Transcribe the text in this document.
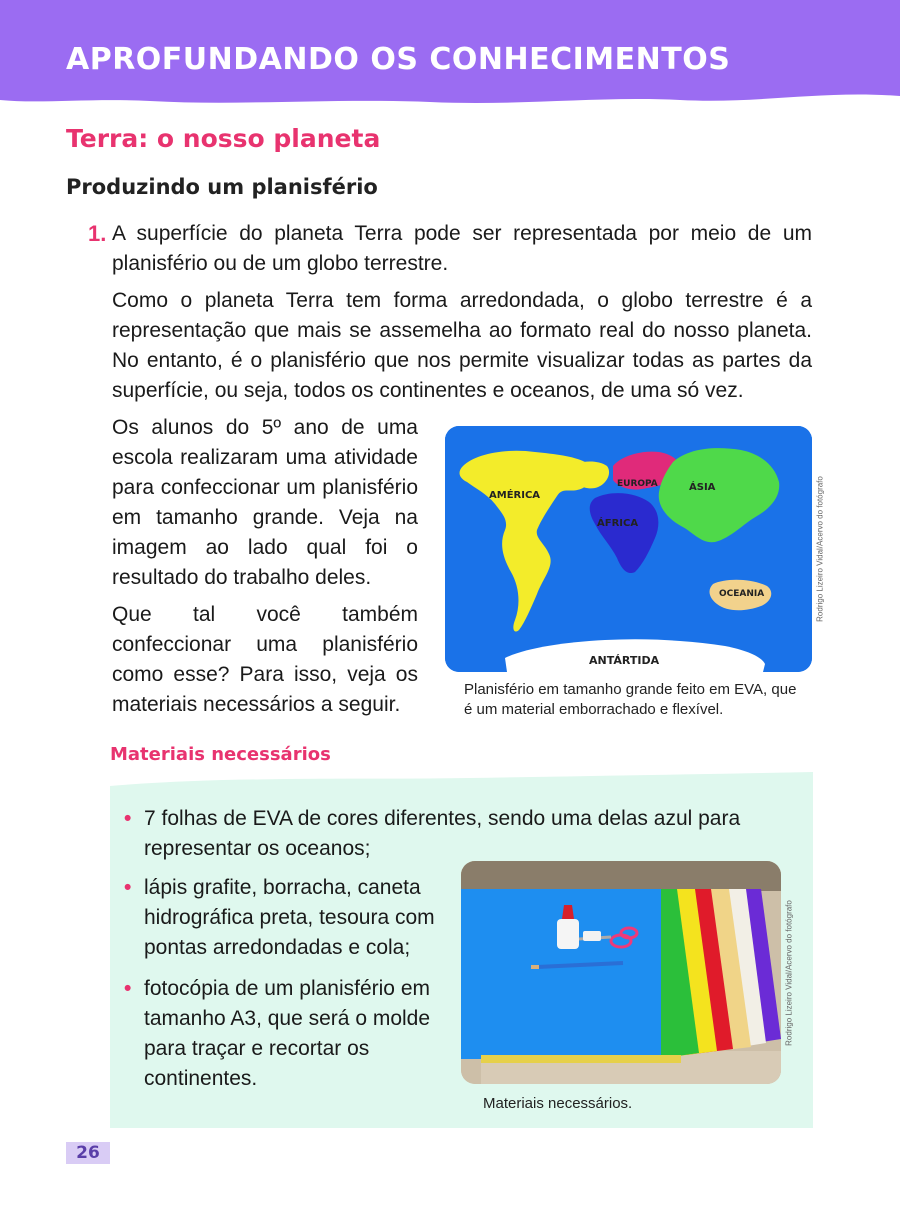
APROFUNDANDO OS CONHECIMENTOS
Terra: o nosso planeta
Produzindo um planisfério
1. A superfície do planeta Terra pode ser representada por meio de um planisfério ou de um globo terrestre.
Como o planeta Terra tem forma arredondada, o globo terrestre é a representação que mais se assemelha ao formato real do nosso planeta. No entanto, é o planisfério que nos permite visualizar todas as partes da superfície, ou seja, todos os continentes e oceanos, de uma só vez.
Os alunos do 5º ano de uma escola realizaram uma atividade para confeccionar um planisfério em tamanho grande. Veja na imagem ao lado qual foi o resultado do trabalho deles.
Que tal você também confeccionar uma planisfério como esse? Para isso, veja os materiais necessários a seguir.
AMÉRICA
EUROPA	ÁSIA
ÁFRICA
OCEANIA
ANTÁRTIDA
Rodrigo Lizeiro Vidal/Acervo do fotógrafo
Planisfério em tamanho grande feito em EVA, que é um material emborrachado e flexível.
Materiais necessários
• 7 folhas de EVA de cores diferentes, sendo uma delas azul para representar os oceanos;
• lápis grafite, borracha, caneta hidrográfica preta, tesoura com pontas arredondadas e cola;
• fotocópia de um planisfério em tamanho A3, que será o molde para traçar e recortar os continentes.
Rodrigo Lizeiro Vidal/Acervo do fotógrafo
Materiais necessários.
26
